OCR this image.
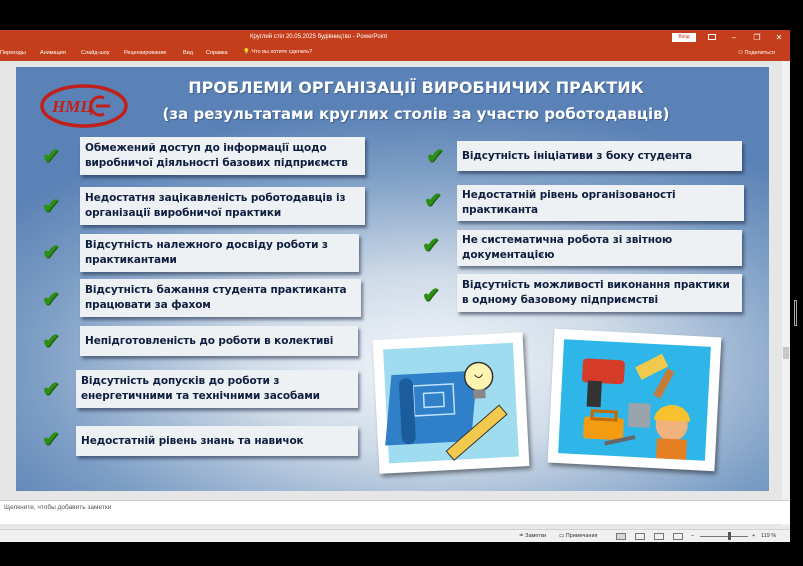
Круглий стіл 20.05.2025 будівництво - PowerPoint	Вход	–	❐	✕
Переходы	Анимация	Слайд-шоу	Рецензирование	Вид Справка	💡 Что вы хотите сделать?	⚇ Поделиться
НМЦ
ПРОБЛЕМИ ОРГАНІЗАЦІЇ ВИРОБНИЧИХ ПРАКТИК
(за результатами круглих столів за участю роботодавців)
✔
✔
✔
✔
✔
✔
✔
Обмежений доступ до інформації щодо виробничої діяльності базових підприємств
Недостатня зацікавленість роботодавців із організації виробничої практики
Відсутність належного досвіду роботи з практикантами
Відсутність бажання студента практиканта працювати за фахом
Непідготовленість до роботи в колективі
Відсутність допусків до роботи з енергетичними та технічними засобами
Недостатній рівень знань та навичок
✔
✔
✔
✔
Відсутність ініціативи з боку студента
Недостатній рівень організованості практиканта
Не систематична робота зі звітною документацією
Відсутність можливості виконання практики в одному базовому підприємстві
Щелкните, чтобы добавить заметки
≐ Заметки ▭ Примечания	–	+ 119 %
